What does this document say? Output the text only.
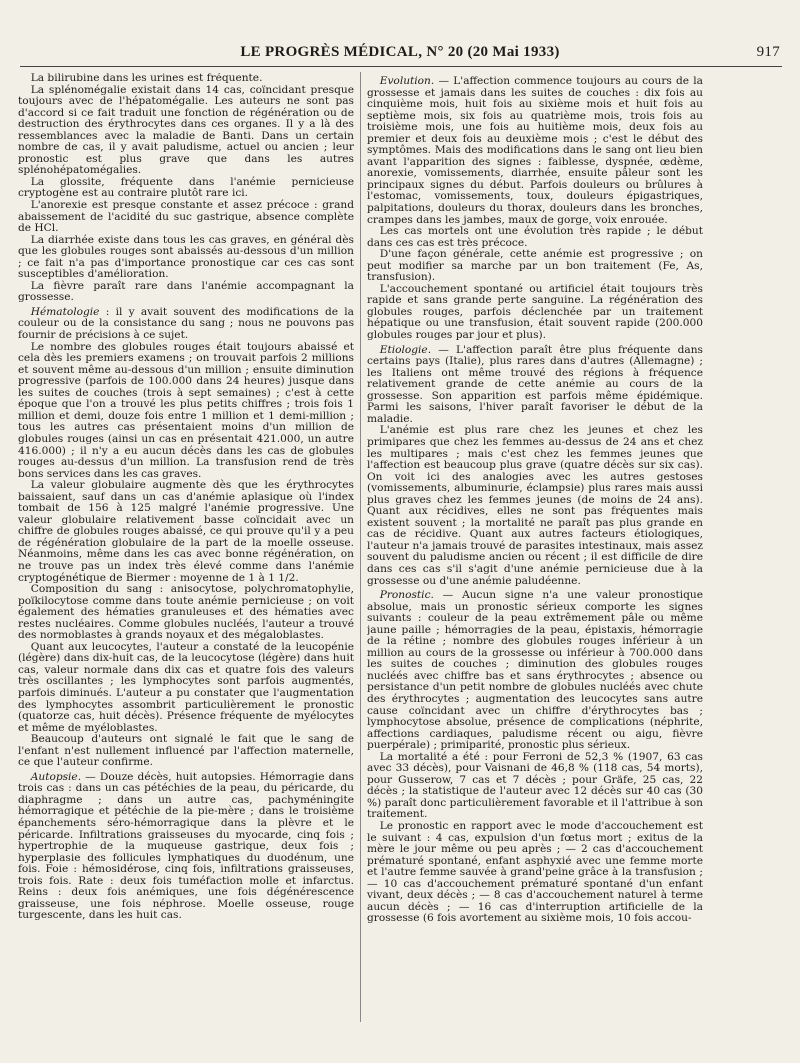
LE PROGRÈS MÉDICAL, N° 20 (20 Mai 1933)	917

La bilirubine dans les urines est fréquente.

La splénomégalie existait dans 14 cas, coïncidant presque toujours avec de l'hépatomégalie. Les auteurs ne sont pas d'accord si ce fait traduit une fonction de régénération ou de destruction des érythrocytes dans ces organes. Il y a là des ressemblances avec la maladie de Banti. Dans un certain nombre de cas, il y avait paludisme, actuel ou ancien ; leur pronostic est plus grave que dans les autres splénohépatomégalies.

La glossite, fréquente dans l'anémie pernicieuse cryptogène est au contraire plutôt rare ici.

L'anorexie est presque constante et assez précoce : grand abaissement de l'acidité du suc gastrique, absence complète de HCl.

La diarrhée existe dans tous les cas graves, en général dès que les globules rouges sont abaissés au-dessous d'un million ; ce fait n'a pas d'importance pronostique car ces cas sont susceptibles d'amélioration.

La fièvre paraît rare dans l'anémie accompagnant la grossesse.

Hématologie : il y avait souvent des modifications de la couleur ou de la consistance du sang ; nous ne pouvons pas fournir de précisions à ce sujet.

Le nombre des globules rouges était toujours abaissé et cela dès les premiers examens ; on trouvait parfois 2 millions et souvent même au-dessous d'un million ; ensuite diminution progressive (parfois de 100.000 dans 24 heures) jusque dans les suites de couches (trois à sept semaines) ; c'est à cette époque que l'on a trouvé les plus petits chiffres ; trois fois 1 million et demi, douze fois entre 1 million et 1 demi-million ; tous les autres cas présentaient moins d'un million de globules rouges (ainsi un cas en présentait 421.000, un autre 416.000) ; il n'y a eu aucun décès dans les cas de globules rouges au-dessus d'un million. La transfusion rend de très bons services dans les cas graves.

La valeur globulaire augmente dès que les érythrocytes baissaient, sauf dans un cas d'anémie aplasique où l'index tombait de 156 à 125 malgré l'anémie progressive. Une valeur globulaire relativement basse coïncidait avec un chiffre de globules rouges abaissé, ce qui prouve qu'il y a peu de régénération globulaire de la part de la moelle osseuse. Néanmoins, même dans les cas avec bonne régénération, on ne trouve pas un index très élevé comme dans l'anémie cryptogénétique de Biermer : moyenne de 1 à 1 1/2.

Composition du sang : anisocytose, polychromatophylie, poïkilocytose comme dans toute anémie pernicieuse ; on voit également des hématies granuleuses et des hématies avec restes nucléaires. Comme globules nucléés, l'auteur a trouvé des normoblastes à grands noyaux et des mégaloblastes.

Quant aux leucocytes, l'auteur a constaté de la leucopénie (légère) dans dix-huit cas, de la leucocytose (légère) dans huit cas, valeur normale dans dix cas et quatre fois des valeurs très oscillantes ; les lymphocytes sont parfois augmentés, parfois diminués. L'auteur a pu constater que l'augmentation des lymphocytes assombrit particulièrement le pronostic (quatorze cas, huit décès). Présence fréquente de myélocytes et même de myéloblastes.

Beaucoup d'auteurs ont signalé le fait que le sang de l'enfant n'est nullement influencé par l'affection maternelle, ce que l'auteur confirme.

Autopsie. — Douze décès, huit autopsies. Hémorragie dans trois cas : dans un cas pétéchies de la peau, du péricarde, du diaphragme ; dans un autre cas, pachyméningite hémorragique et pétéchie de la pie-mère ; dans le troisième épanchements séro-hémorragique dans la plèvre et le péricarde. Infiltrations graisseuses du myocarde, cinq fois ; hypertrophie de la muqueuse gastrique, deux fois ; hyperplasie des follicules lymphatiques du duodénum, une fois. Foie : hémosidérose, cinq fois, infiltrations graisseuses, trois fois. Rate : deux fois tuméfaction molle et infarctus. Reins : deux fois anémiques, une fois dégénérescence graisseuse, une fois néphrose. Moelle osseuse, rouge turgescente, dans les huit cas.

Evolution. — L'affection commence toujours au cours de la grossesse et jamais dans les suites de couches : dix fois au cinquième mois, huit fois au sixième mois et huit fois au septième mois, six fois au quatrième mois, trois fois au troisième mois, une fois au huitième mois, deux fois au premier et deux fois au deuxième mois ; c'est le début des symptômes. Mais des modifications dans le sang ont lieu bien avant l'apparition des signes : faiblesse, dyspnée, œdème, anorexie, vomissements, diarrhée, ensuite pâleur sont les principaux signes du début. Parfois douleurs ou brûlures à l'estomac, vomissements, toux, douleurs épigastriques, palpitations, douleurs du thorax, douleurs dans les bronches, crampes dans les jambes, maux de gorge, voix enrouée.

Les cas mortels ont une évolution très rapide ; le début dans ces cas est très précoce.

D'une façon générale, cette anémie est progressive ; on peut modifier sa marche par un bon traitement (Fe, As, transfusion).

L'accouchement spontané ou artificiel était toujours très rapide et sans grande perte sanguine. La régénération des globules rouges, parfois déclenchée par un traitement hépatique ou une transfusion, était souvent rapide (200.000 globules rouges par jour et plus).

Etiologie. — L'affection paraît être plus fréquente dans certains pays (Italie), plus rares dans d'autres (Allemagne) ; les Italiens ont même trouvé des régions à fréquence relativement grande de cette anémie au cours de la grossesse. Son apparition est parfois même épidémique. Parmi les saisons, l'hiver paraît favoriser le début de la maladie.

L'anémie est plus rare chez les jeunes et chez les primipares que chez les femmes au-dessus de 24 ans et chez les multipares ; mais c'est chez les femmes jeunes que l'affection est beaucoup plus grave (quatre décès sur six cas). On voit ici des analogies avec les autres gestoses (vomissements, albuminurie, éclampsie) plus rares mais aussi plus graves chez les femmes jeunes (de moins de 24 ans). Quant aux récidives, elles ne sont pas fréquentes mais existent souvent ; la mortalité ne paraît pas plus grande en cas de récidive. Quant aux autres facteurs étiologiques, l'auteur n'a jamais trouvé de parasites intestinaux, mais assez souvent du paludisme ancien ou récent ; il est difficile de dire dans ces cas s'il s'agit d'une anémie pernicieuse due à la grossesse ou d'une anémie paludéenne.

Pronostic. — Aucun signe n'a une valeur pronostique absolue, mais un pronostic sérieux comporte les signes suivants : couleur de la peau extrêmement pâle ou même jaune paille ; hémorragies de la peau, épistaxis, hémorragie de la rétine ; nombre des globules rouges inférieur à un million au cours de la grossesse ou inférieur à 700.000 dans les suites de couches ; diminution des globules rouges nucléés avec chiffre bas et sans érythrocytes ; absence ou persistance d'un petit nombre de globules nucléés avec chute des érythrocytes ; augmentation des leucocytes sans autre cause coïncidant avec un chiffre d'érythrocytes bas ; lymphocytose absolue, présence de complications (néphrite, affections cardiaques, paludisme récent ou aigu, fièvre puerpérale) ; primiparité, pronostic plus sérieux.

La mortalité a été : pour Ferroni de 52,3 % (1907, 63 cas avec 33 décès), pour Vaisnani de 46,8 % (118 cas, 54 morts), pour Gusserow, 7 cas et 7 décès ; pour Gräfe, 25 cas, 22 décès ; la statistique de l'auteur avec 12 décès sur 40 cas (30 %) paraît donc particulièrement favorable et il l'attribue à son traitement.

Le pronostic en rapport avec le mode d'accouchement est le suivant : 4 cas, expulsion d'un fœtus mort ; exitus de la mère le jour même ou peu après ; — 2 cas d'accouchement prématuré spontané, enfant asphyxié avec une femme morte et l'autre femme sauvée à grand'peine grâce à la transfusion ; — 10 cas d'accouchement prématuré spontané d'un enfant vivant, deux décès ; — 8 cas d'accouchement naturel à terme aucun décès ; — 16 cas d'interruption artificielle de la grossesse (6 fois avortement au sixième mois, 10 fois accou-
